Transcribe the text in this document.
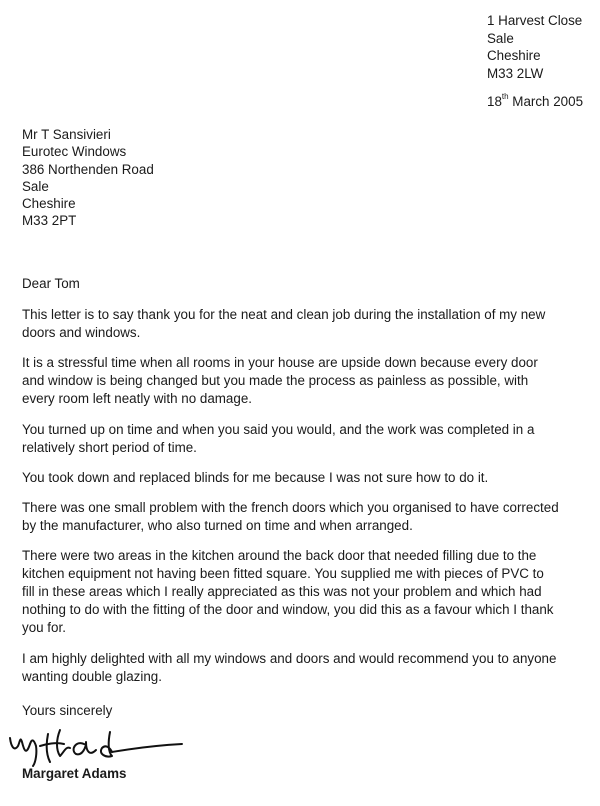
1 Harvest Close
Sale
Cheshire
M33 2LW
18th March 2005
Mr T Sansivieri
Eurotec Windows
386 Northenden Road
Sale
Cheshire
M33 2PT
Dear Tom

This letter is to say thank you for the neat and clean job during the installation of my new
doors and windows.

It is a stressful time when all rooms in your house are upside down because every door
and window is being changed but you made the process as painless as possible, with
every room left neatly with no damage.

You turned up on time and when you said you would, and the work was completed in a
relatively short period of time.

You took down and replaced blinds for me because I was not sure how to do it.

There was one small problem with the french doors which you organised to have corrected
by the manufacturer, who also turned on time and when arranged.

There were two areas in the kitchen around the back door that needed filling due to the
kitchen equipment not having been fitted square. You supplied me with pieces of PVC to
fill in these areas which I really appreciated as this was not your problem and which had
nothing to do with the fitting of the door and window, you did this as a favour which I thank
you for.

I am highly delighted with all my windows and doors and would recommend you to anyone
wanting double glazing.

Yours sincerely
Margaret Adams
